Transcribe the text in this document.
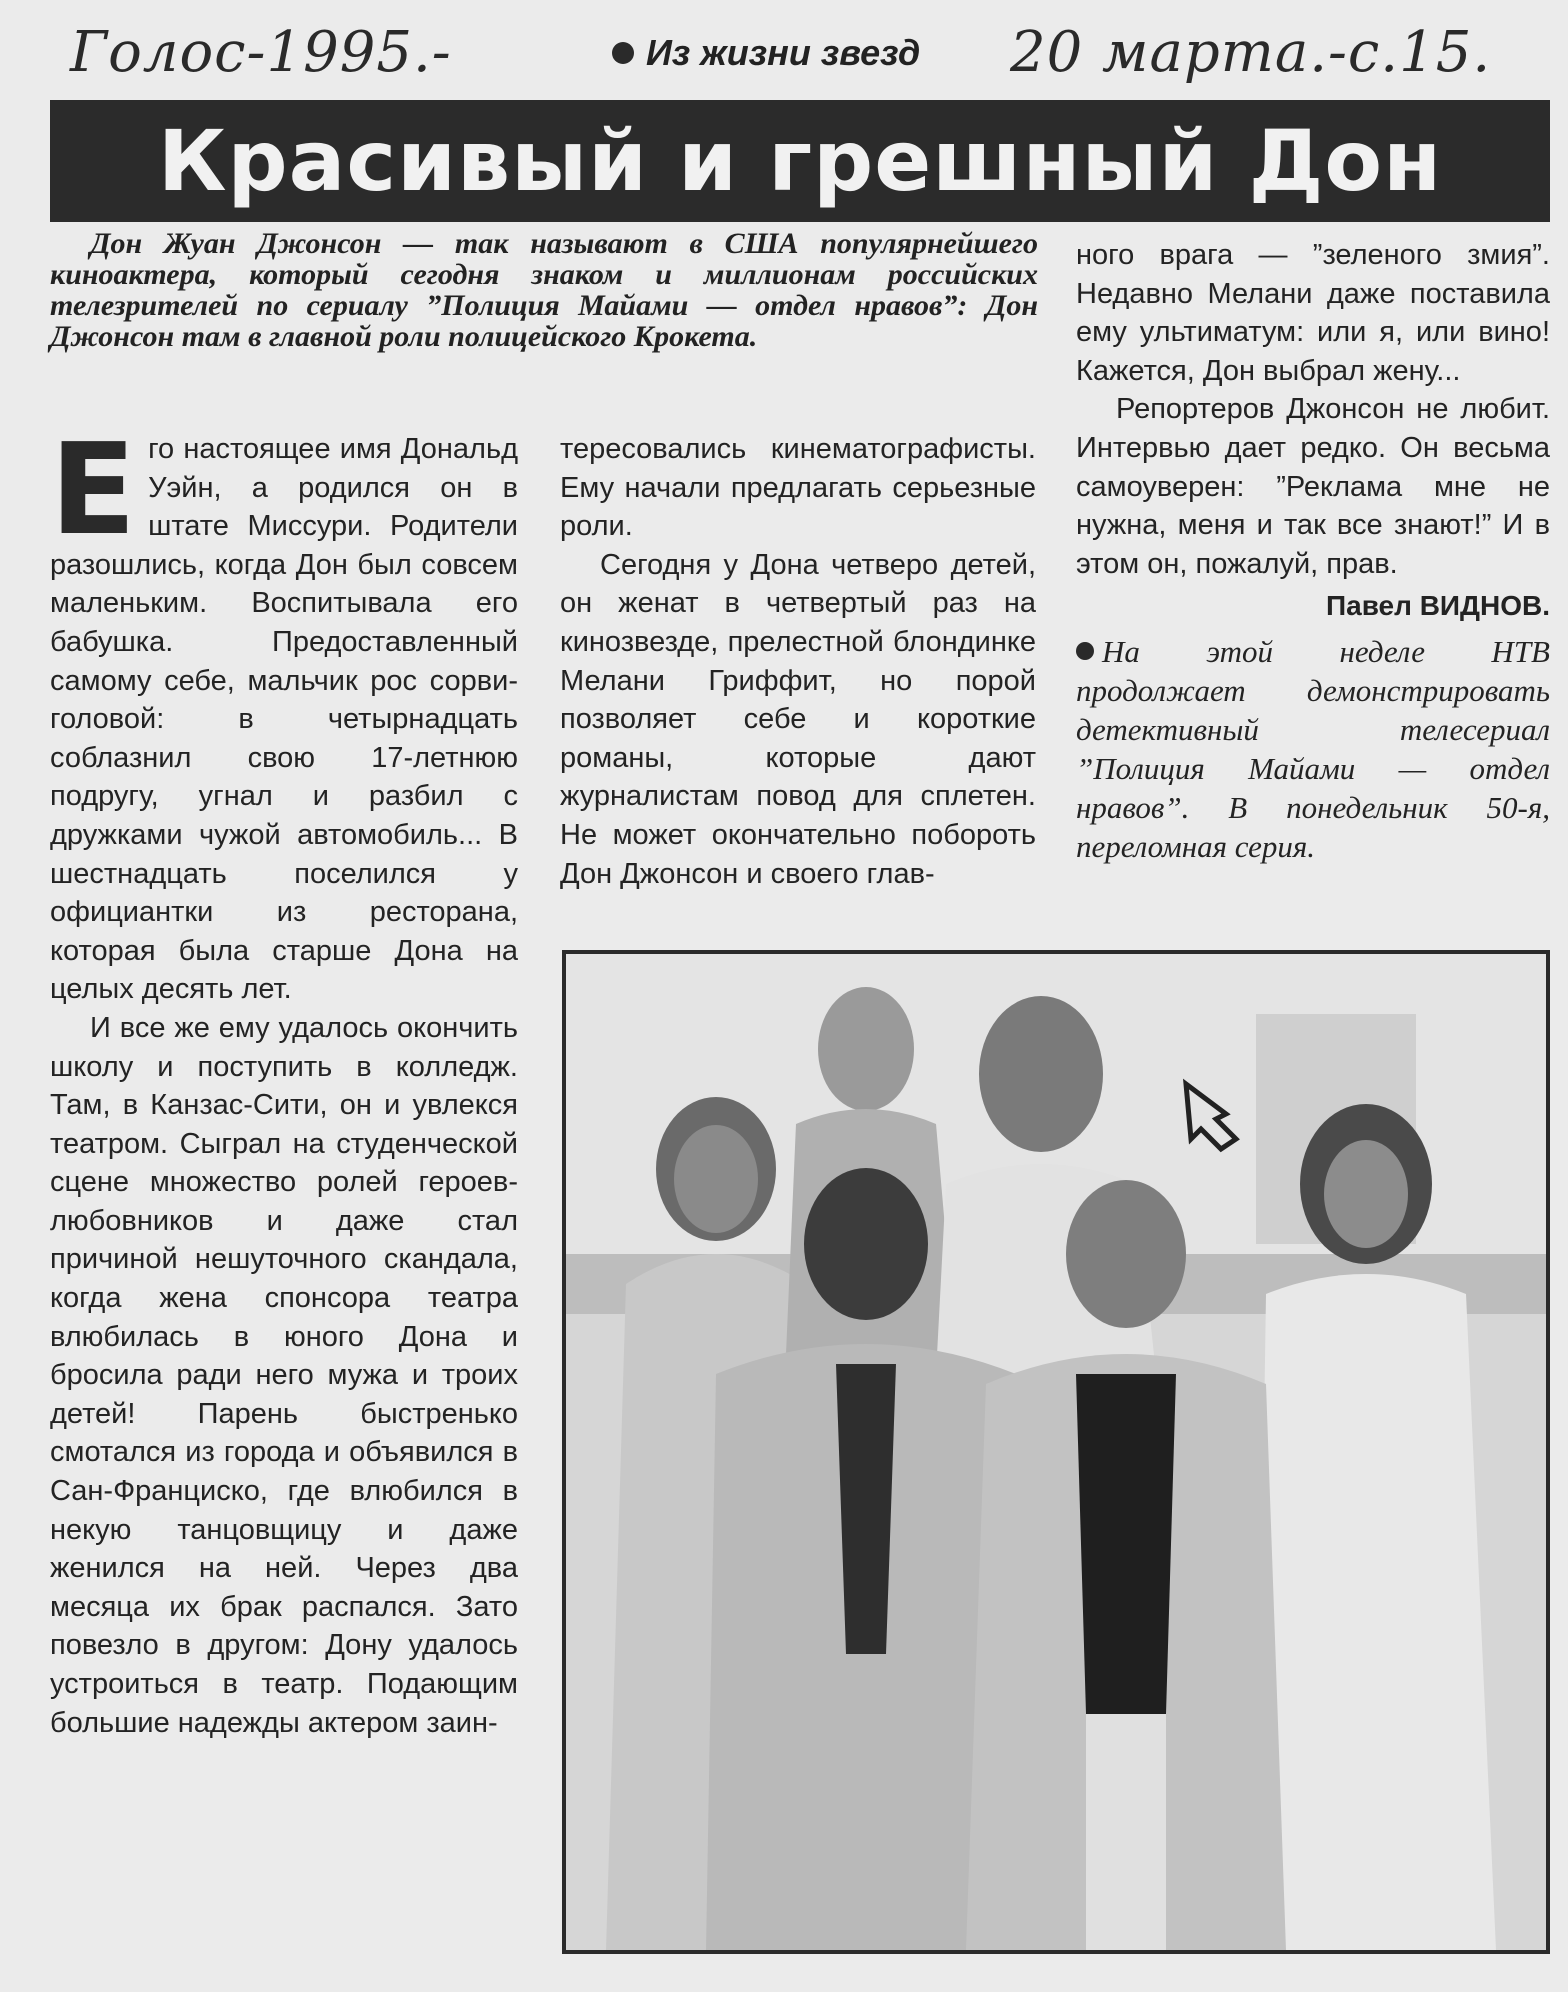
Голос-1995.-	Из жизни звезд 20 марта.-с.15.
Красивый и грешный Дон
Дон Жуан Джонсон — так называют в США популярнейшего киноактера, который сегодня знаком и миллионам российских телезрителей по сериалу ”Полиция Майами — отдел нравов”: Дон Джонсон там в главной роли полицейского Крокета.

Его настоящее имя Дональд Уэйн, а родился он в штате Миссури. Родители разошлись, когда Дон был совсем маленьким. Воспитывала его бабушка. Предоставленный самому себе, мальчик рос сорви-головой: в четырнадцать соблазнил свою 17-летнюю подругу, угнал и разбил с дружками чужой автомобиль... В шестнадцать поселился у официантки из ресторана, которая была старше Дона на целых десять лет.

И все же ему удалось окончить школу и поступить в колледж. Там, в Канзас-Сити, он и увлекся театром. Сыграл на студенческой сцене множество ролей героев-любовников и даже стал причиной нешуточного скандала, когда жена спонсора театра влюбилась в юного Дона и бросила ради него мужа и троих детей! Парень быстренько смотался из города и объявился в Сан-Франциско, где влюбился в некую танцовщицу и даже женился на ней. Через два месяца их брак распался. Зато повезло в другом: Дону удалось устроиться в театр. Подающим большие надежды актером заин-

тересовались кинематографисты. Ему начали предлагать серьезные роли.

Сегодня у Дона четверо детей, он женат в четвертый раз на кинозвезде, прелестной блондинке Мелани Гриффит, но порой позволяет себе и короткие романы, которые дают журналистам повод для сплетен. Не может окончательно побороть Дон Джонсон и своего глав-

ного врага — ”зеленого змия”. Недавно Мелани даже поставила ему ультиматум: или я, или вино! Кажется, Дон выбрал жену...

Репортеров Джонсон не любит. Интервью дает редко. Он весьма самоуверен: ”Реклама мне не нужна, меня и так все знают!” И в этом он, пожалуй, прав.

Павел ВИДНОВ.
На этой неделе НТВ продолжает демонстрировать детективный телесериал ”Полиция Майами — отдел нравов”. В понедельник 50-я, переломная серия.
